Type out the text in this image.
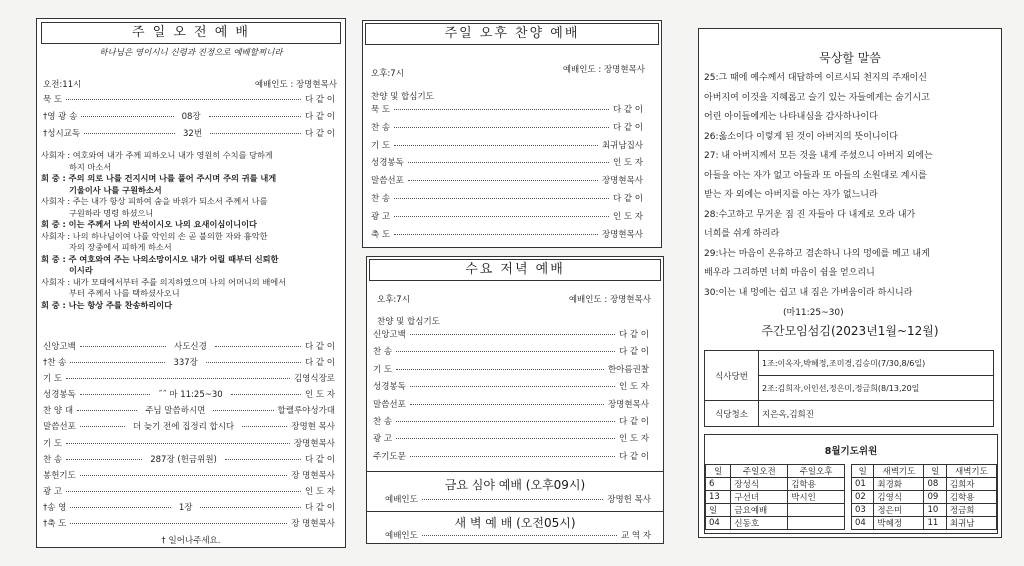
주 일 오 전 예 배
하나님은 영이시니 신령과 진정으로 예배할찌니라
오전:11시	예배인도 : 장명현목사
묵 도	다 같 이
†영 광 송	08장	다 같 이
†성시교독	32번	다 같 이
사회자 : 여호와여 내가 주께 피하오니 내가 영원히 수치를 당하게
하지 마소서
회 중 : 주의 의로 나를 건지시며 나를 풀어 주시며 주의 귀를 내게
기울이사 나를 구원하소서
사회자 : 주는 내가 항상 피하여 숨을 바위가 되소서 주께서 나를
구원하라 명령 하셨으니
회 중 : 이는 주께서 나의 반석이시오 나의 요새이심이니이다
사회자 : 나의 하나님이여 나를 악인의 손 곧 불의한 자와 흉악한
자의 장중에서 피하게 하소서
회 중 : 주 여호와여 주는 나의소망이시오 내가 어릴 때부터 신뢰한
이시라
사회자 : 내가 모태에서부터 주를 의지하였으며 나의 어머니의 배에서
부터 주께서 나를 택하셨사오니
회 중 : 나는 항상 주를 찬송하리이다
신앙고백	사도신경	다 같 이
†찬 송	337장	다 같 이
기 도	김영식장로
성경봉독	˝˝ 마 11:25~30	인 도 자
찬 양 대	주님 말씀하시면	할렐루야성가대
말씀선포	더 늦기 전에 집정리 합시다	장명현 목사
기 도	장명현목사
찬 송	287장 (헌금위원)	다 같 이
봉헌기도	장 명현목사
광 고	인 도 자
†송 영	1장	다 같 이
†축 도	장 명현목사
† 일어나주세요.
주일 오후 찬양 예배
오후:7시	예배인도 : 장명현목사
찬양 및 합심기도
묵 도	다 같 이
찬 송	다 같 이
기 도	최귀남집사
성경봉독	인 도 자
말씀선포	장명현목사
찬 송	다 같 이
광 고	인 도 자
축 도	장명현목사
수요 저녁 예배
오후:7시	예배인도 : 장명현목사
찬양 및 합심기도
신앙고백	다 같 이
찬 송	다 같 이
기 도	한아름권찰
성경봉독	인 도 자
말씀선포	장명현목사
찬 송	다 같 이
광 고	인 도 자
주기도문	다 같 이
금요 심야 예배 (오후09시)
예배인도	장명헌 목사
새 벽 예 배 (오전05시)
예배인도	교 역 자
묵상할 말씀
25:그 때에 예수께서 대답하여 이르시되 천지의 주재이신
아버지여 이것을 지혜롭고 슬기 있는 자들에게는 숨기시고
어린 아이들에게는 나타내심을 감사하나이다
26:옳소이다 이렇게 된 것이 아버지의 뜻이니이다
27: 내 아버지께서 모든 것을 내게 주셨으니 아버지 외에는
아들을 아는 자가 없고 아들과 또 아들의 소원대로 계시를
받는 자 외에는 아버지를 아는 자가 없느니라
28:수고하고 무거운 짐 진 자들아 다 내게로 오라 내가
너희를 쉬게 하리라
29:나는 마음이 온유하고 겸손하니 나의 멍에를 메고 내게
배우라 그리하면 너희 마음이 쉼을 얻으리니
30:이는 내 멍에는 쉽고 내 짐은 가벼움이라 하시니라
(마11:25~30)
주간모임섬김(2023년1월~12월)
식사당번	1조:이옥자,박혜정,조미경,김승미(7/30,8/6일)
	2조:김희자,이인선,정은미,정금희(8/13,20일
식당청소	지은옥,김희진
8월기도위원
일	주일오전	주일오후
6	장성식	김학용
13	구선녀	박시인
일	금요예배	
04	신동호	
일	새벽기도	일	새벽기도
01	최경화	08	김희자
02	김영식	09	김학용
03	정은미	10	정금희
04	박혜정	11	최귀남
